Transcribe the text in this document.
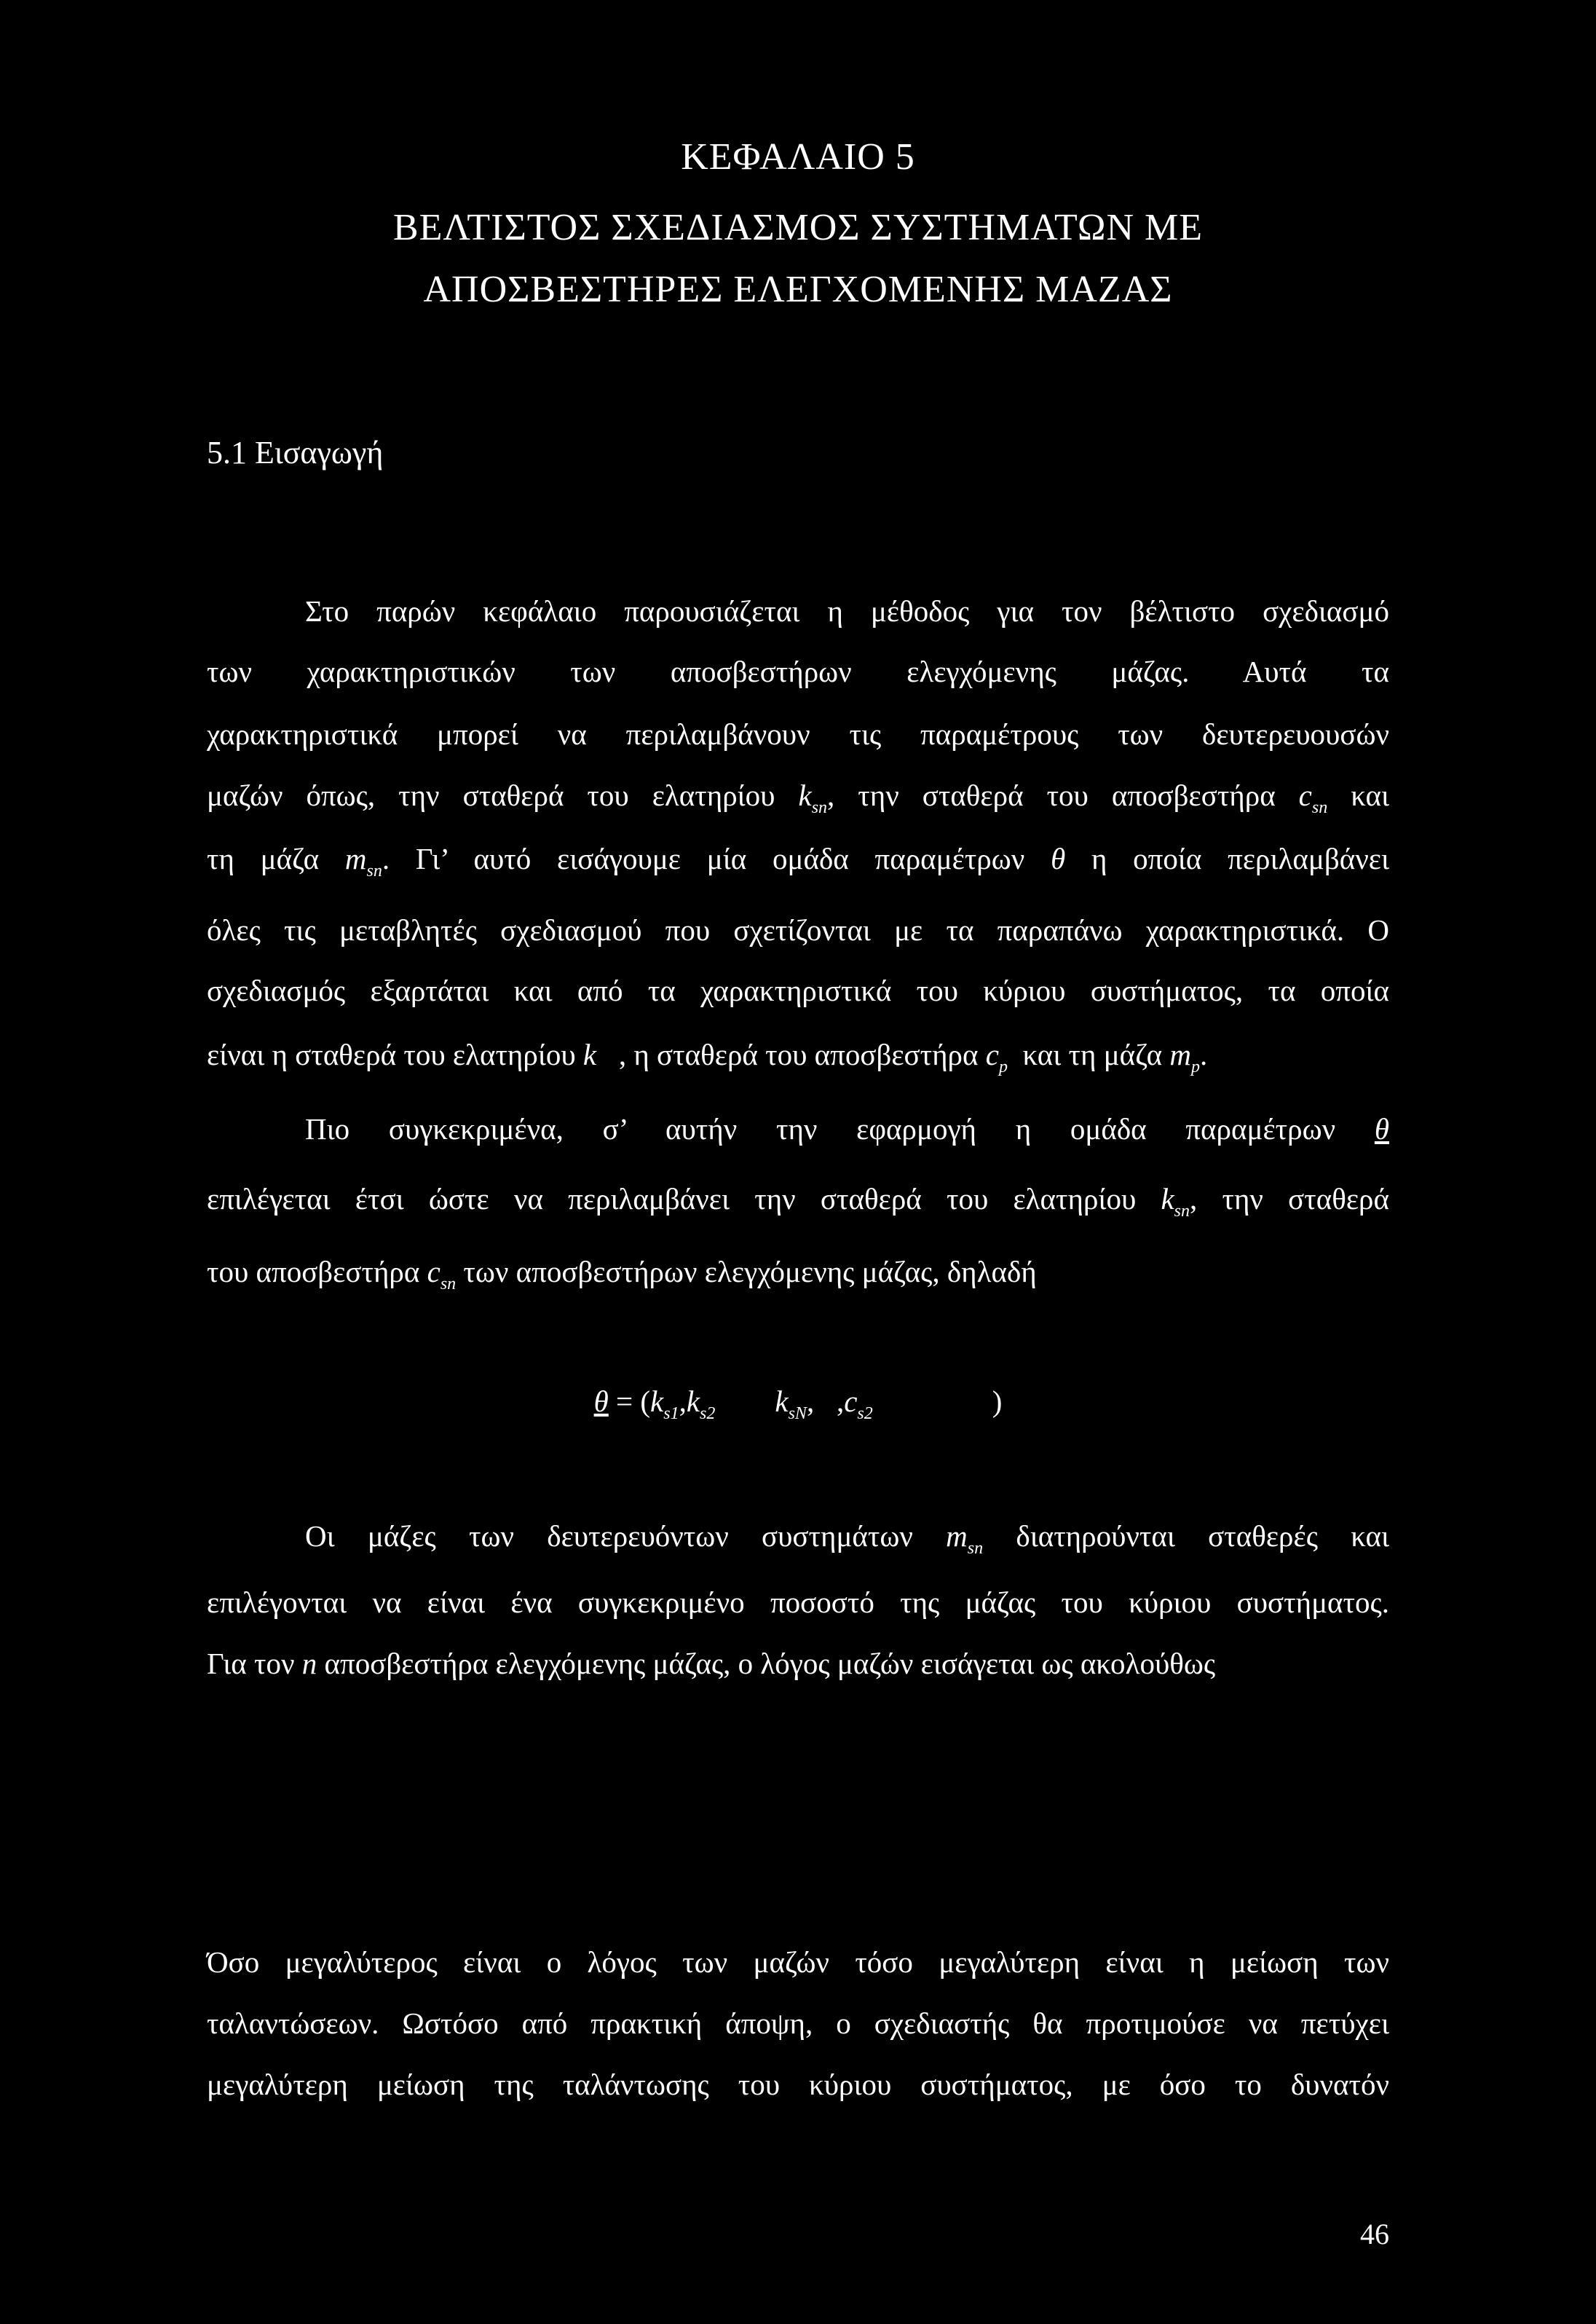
ΚΕΦΑΛΑΙΟ 5
ΒΕΛΤΙΣΤΟΣ ΣΧΕΔΙΑΣΜΟΣ ΣΥΣΤΗΜΑΤΩΝ ΜΕ
ΑΠΟΣΒΕΣΤΗΡΕΣ ΕΛΕΓΧΟΜΕΝΗΣ ΜΑΖΑΣ
5.1 Εισαγωγή
Στο παρών κεφάλαιο παρουσιάζεται η μέθοδος για τον βέλτιστο σχεδιασμό
των χαρακτηριστικών των αποσβεστήρων ελεγχόμενης μάζας. Αυτά τα
χαρακτηριστικά μπορεί να περιλαμβάνουν τις παραμέτρους των δευτερευουσών
μαζών όπως, την σταθερά του ελατηρίου $k_{sn}$, την σταθερά του αποσβεστήρα $c_{sn}$ και
τη μάζα $m_{sn}$. Γι’ αυτό εισάγουμε μία ομάδα παραμέτρων θ η οποία περιλαμβάνει
όλες τις μεταβλητές σχεδιασμού που σχετίζονται με τα παραπάνω χαρακτηριστικά. Ο
σχεδιασμός εξαρτάται και από τα χαρακτηριστικά του κύριου συστήματος, τα οποία
είναι η σταθερά του ελατηρίου k , η σταθερά του αποσβεστήρα $c_p$ και τη μάζα $m_p$.
Πιο συγκεκριμένα, σ’ αυτήν την εφαρμογή η ομάδα παραμέτρων θ
επιλέγεται έτσι ώστε να περιλαμβάνει την σταθερά του ελατηρίου $k_{sn}$, την σταθερά
του αποσβεστήρα $c_{sn}$ των αποσβεστήρων ελεγχόμενης μάζας, δηλαδή
$\theta = (k_{s1},k_{s2}$ $k_{sN}$, $,c_{s2}$	)
Οι μάζες των δευτερευόντων συστημάτων $m_{sn}$ διατηρούνται σταθερές και
επιλέγονται να είναι ένα συγκεκριμένο ποσοστό της μάζας του κύριου συστήματος.
Για τον n αποσβεστήρα ελεγχόμενης μάζας, ο λόγος μαζών εισάγεται ως ακολούθως
Όσο μεγαλύτερος είναι ο λόγος των μαζών τόσο μεγαλύτερη είναι η μείωση των
ταλαντώσεων. Ωστόσο από πρακτική άποψη, ο σχεδιαστής θα προτιμούσε να πετύχει
μεγαλύτερη μείωση της ταλάντωσης του κύριου συστήματος, με όσο το δυνατόν
46
